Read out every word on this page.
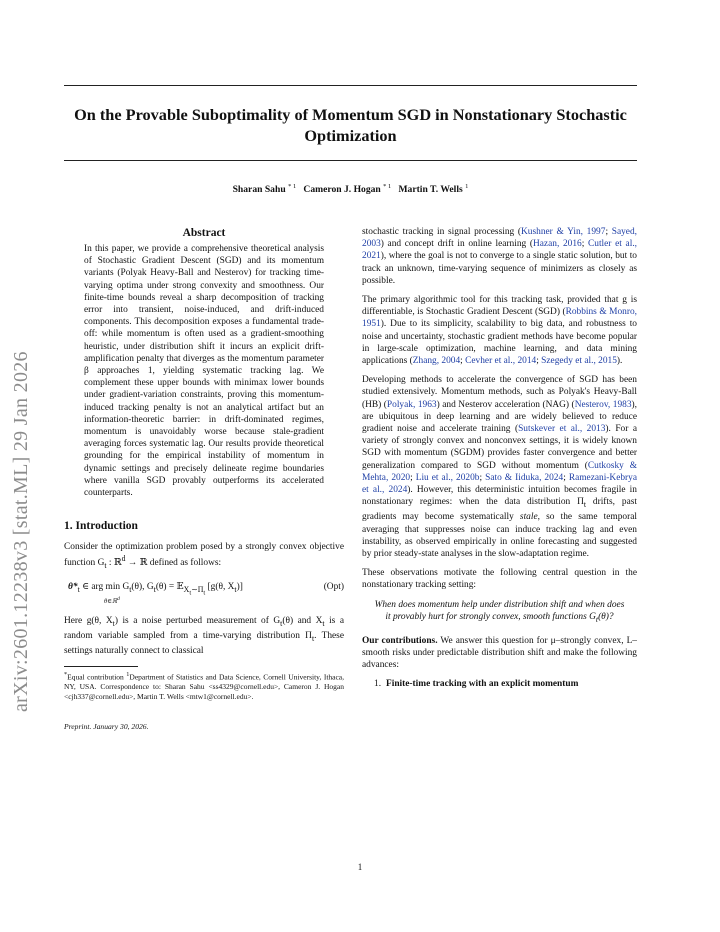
arXiv:2601.12238v3 [stat.ML] 29 Jan 2026
On the Provable Suboptimality of Momentum SGD in Nonstationary Stochastic
Optimization
Sharan Sahu $^{* 1}$ Cameron J. Hogan $^{* 1}$ Martin T. Wells $^1$
Abstract

In this paper, we provide a comprehensive theoretical analysis of Stochastic Gradient Descent (SGD) and its momentum variants (Polyak Heavy-Ball and Nesterov) for tracking time-varying optima under strong convexity and smoothness. Our finite-time bounds reveal a sharp decomposition of tracking error into transient, noise-induced, and drift-induced components. This decomposition exposes a fundamental trade-off: while momentum is often used as a gradient-smoothing heuristic, under distribution shift it incurs an explicit drift-amplification penalty that diverges as the momentum parameter β approaches 1, yielding systematic tracking lag. We complement these upper bounds with minimax lower bounds under gradient-variation constraints, proving this momentum-induced tracking penalty is not an analytical artifact but an information-theoretic barrier: in drift-dominated regimes, momentum is unavoidably worse because stale-gradient averaging forces systematic lag. Our results provide theoretical grounding for the empirical instability of momentum in dynamic settings and precisely delineate regime boundaries where vanilla SGD provably outperforms its accelerated counterparts.

1. Introduction

Consider the optimization problem posed by a strongly convex objective function $G_t$ : ℝ$^d$ → ℝ defined as follows:

$\theta*_t$ ∈ arg $\min G_t(\theta)$, $G_t(\theta)$ = 𝔼$_{X_t\sim\Pi_t}$ [g(θ, $X_t$)]
θ∈ℝ$^d$
(Opt)

Here g(θ, $X_t$) is a noise perturbed measurement of $G_t(\theta)$ and $X_t$ is a random variable sampled from a time-varying distribution $\Pi_t$. These settings naturally connect to classical

*Equal contribution $^1$Department of Statistics and Data Science, Cornell University, Ithaca, NY, USA. Correspondence to: Sharan Sahu <ss4329@cornell.edu>, Cameron J. Hogan <cjh337@cornell.edu>, Martin T. Wells <mtw1@cornell.edu>.

Preprint. January 30, 2026.

stochastic tracking in signal processing (Kushner & Yin, 1997; Sayed, 2003) and concept drift in online learning (Hazan, 2016; Cutler et al., 2021), where the goal is not to converge to a single static solution, but to track an unknown, time-varying sequence of minimizers as closely as possible.

The primary algorithmic tool for this tracking task, provided that g is differentiable, is Stochastic Gradient Descent (SGD) (Robbins & Monro, 1951). Due to its simplicity, scalability to big data, and robustness to noise and uncertainty, stochastic gradient methods have become popular in large-scale optimization, machine learning, and data mining applications (Zhang, 2004; Cevher et al., 2014; Szegedy et al., 2015).

Developing methods to accelerate the convergence of SGD has been studied extensively. Momentum methods, such as Polyak's Heavy-Ball (HB) (Polyak, 1963) and Nesterov acceleration (NAG) (Nesterov, 1983), are ubiquitous in deep learning and are widely believed to reduce gradient noise and accelerate training (Sutskever et al., 2013). For a variety of strongly convex and nonconvex settings, it is widely known SGD with momentum (SGDM) provides faster convergence and better generalization compared to SGD without momentum (Cutkosky & Mehta, 2020; Liu et al., 2020b; Sato & Iiduka, 2024; Ramezani-Kebrya et al., 2024). However, this deterministic intuition becomes fragile in nonstationary regimes: when the data distribution $\Pi_t$ drifts, past gradients may become systematically stale, so the same temporal averaging that suppresses noise can induce tracking lag and even instability, as observed empirically in online forecasting and suggested by prior steady-state analyses in the slow-adaptation regime.

These observations motivate the following central question in the nonstationary tracking setting:

When does momentum help under distribution shift and when does it provably hurt for strongly convex, smooth functions $G_t(\theta)$?

Our contributions. We answer this question for μ–strongly convex, L–smooth risks under predictable distribution shift and make the following advances:

1. Finite-time tracking with an explicit momentum
1
